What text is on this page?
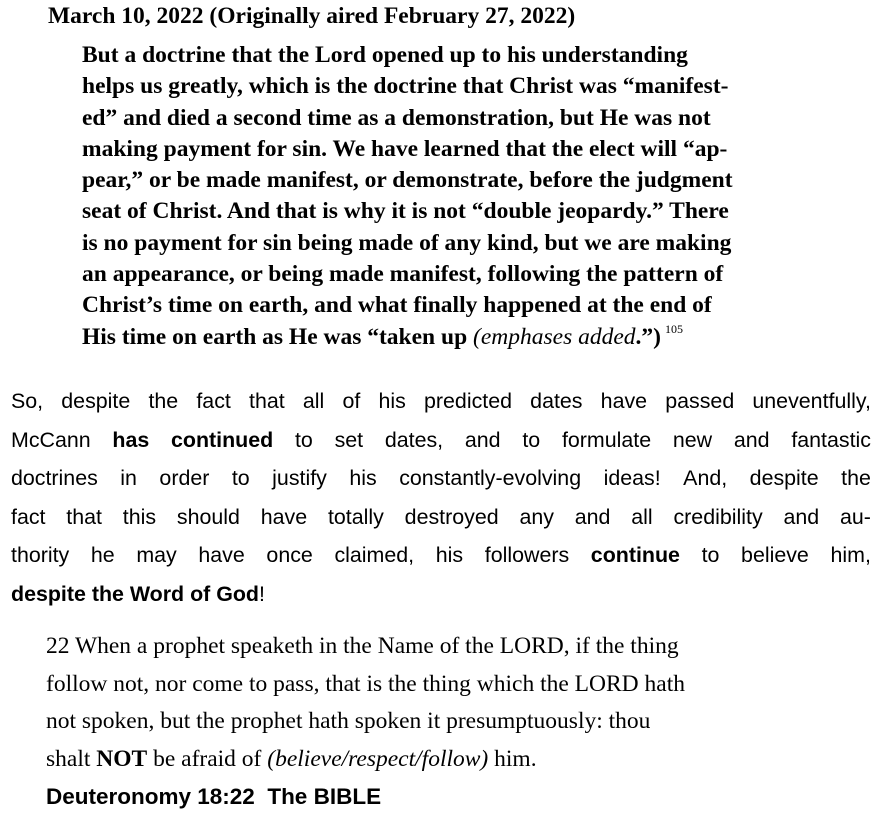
March 10, 2022 (Originally aired February 27, 2022)
But a doctrine that the Lord opened up to his understanding
helps us greatly, which is the doctrine that Christ was “manifest-
ed” and died a second time as a demonstration, but He was not
making payment for sin. We have learned that the elect will “ap-
pear,” or be made manifest, or demonstrate, before the judgment
seat of Christ. And that is why it is not “double jeopardy.” There
is no payment for sin being made of any kind, but we are making
an appearance, or being made manifest, following the pattern of
Christ’s time on earth, and what finally happened at the end of
His time on earth as He was “taken up (emphases added.”) $^{105}$
So, despite the fact that all of his predicted dates have passed uneventfully,
McCann has continued to set dates, and to formulate new and fantastic
doctrines in order to justify his constantly-evolving ideas! And, despite the
fact that this should have totally destroyed any and all credibility and au-
thority he may have once claimed, his followers continue to believe him,
despite the Word of God!
22 When a prophet speaketh in the Name of the LORD, if the thing
follow not, nor come to pass, that is the thing which the LORD hath
not spoken, but the prophet hath spoken it presumptuously: thou
shalt NOT be afraid of (believe/respect/follow) him.
Deuteronomy 18:22  The BIBLE
